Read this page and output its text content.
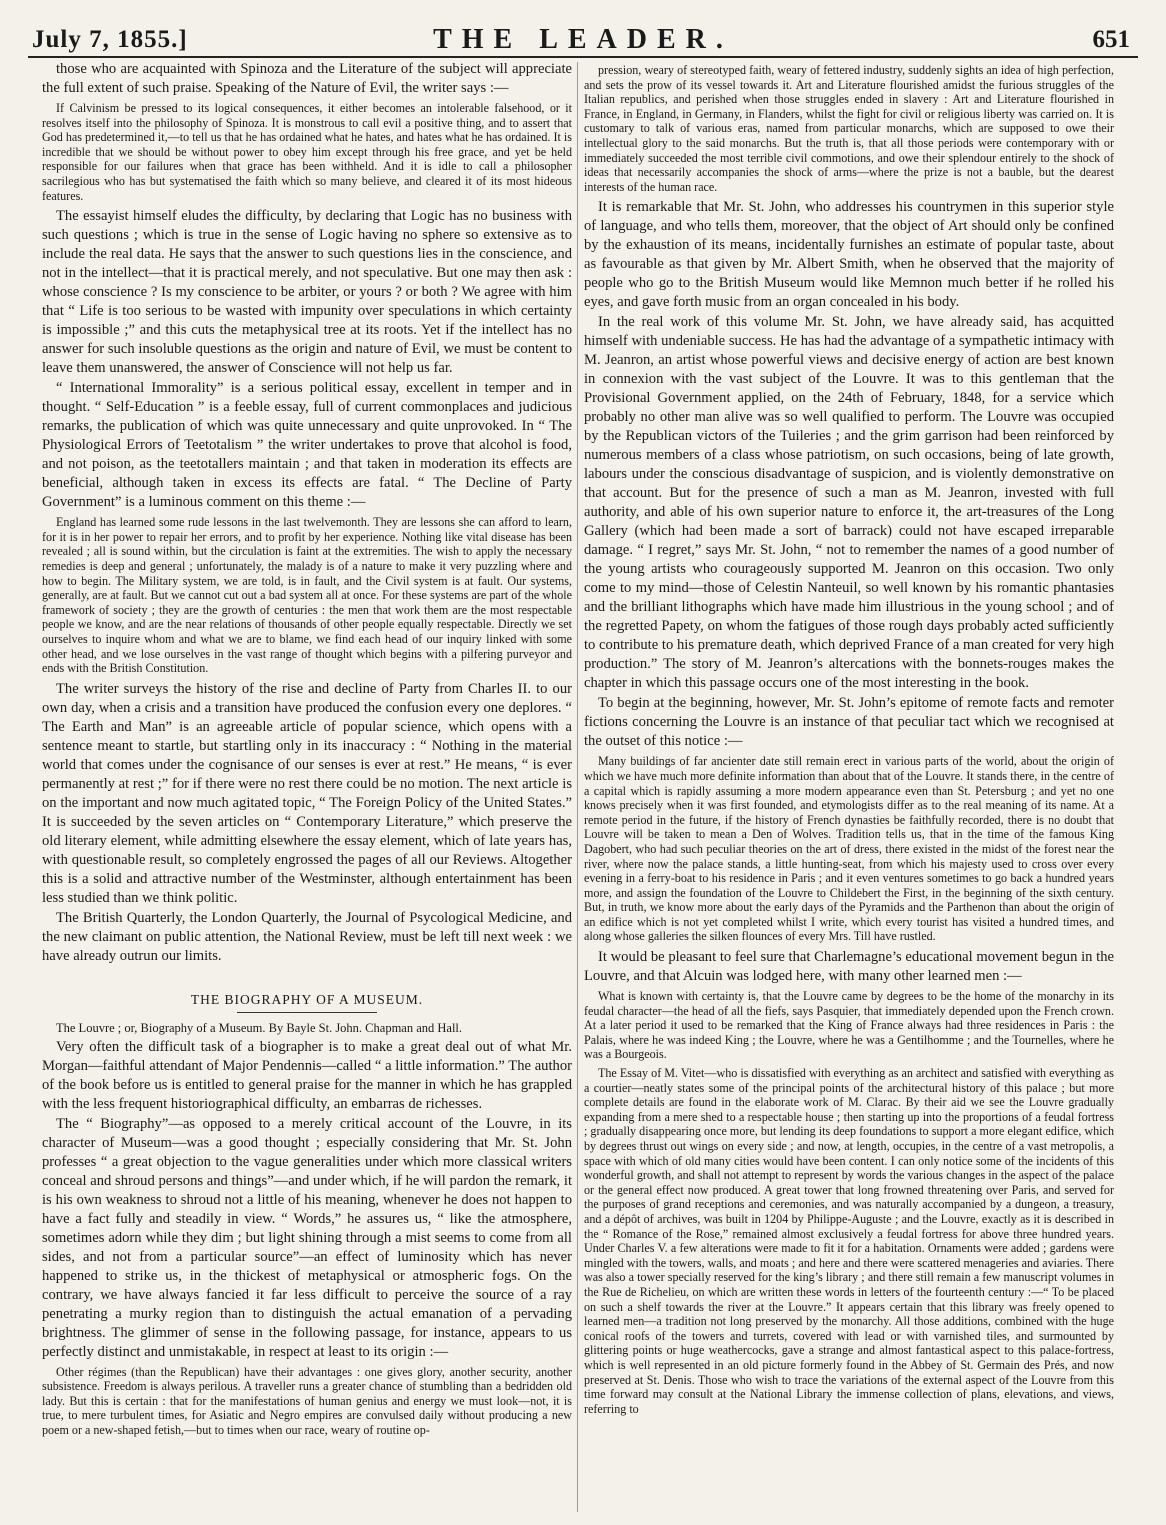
July 7, 1855.]	THE LEADER.	651

those who are acquainted with Spinoza and the Literature of the subject will appreciate the full extent of such praise. Speaking of the Nature of Evil, the writer says :—

If Calvinism be pressed to its logical consequences, it either becomes an intolerable falsehood, or it resolves itself into the philosophy of Spinoza. It is monstrous to call evil a positive thing, and to assert that God has predetermined it,—to tell us that he has ordained what he hates, and hates what he has ordained. It is incredible that we should be without power to obey him except through his free grace, and yet be held responsible for our failures when that grace has been withheld. And it is idle to call a philosopher sacrilegious who has but systematised the faith which so many believe, and cleared it of its most hideous features.

The essayist himself eludes the difficulty, by declaring that Logic has no business with such questions ; which is true in the sense of Logic having no sphere so extensive as to include the real data. He says that the answer to such questions lies in the conscience, and not in the intellect—that it is practical merely, and not speculative. But one may then ask : whose conscience ? Is my conscience to be arbiter, or yours ? or both ? We agree with him that “ Life is too serious to be wasted with impunity over speculations in which certainty is impossible ;” and this cuts the metaphysical tree at its roots. Yet if the intellect has no answer for such insoluble questions as the origin and nature of Evil, we must be content to leave them unanswered, the answer of Conscience will not help us far.

“ International Immorality” is a serious political essay, excellent in temper and in thought. “ Self-Education ” is a feeble essay, full of current commonplaces and judicious remarks, the publication of which was quite unnecessary and quite unprovoked. In “ The Physiological Errors of Teetotalism ” the writer undertakes to prove that alcohol is food, and not poison, as the teetotallers maintain ; and that taken in moderation its effects are beneficial, although taken in excess its effects are fatal. “ The Decline of Party Government” is a luminous comment on this theme :—

England has learned some rude lessons in the last twelvemonth. They are lessons she can afford to learn, for it is in her power to repair her errors, and to profit by her experience. Nothing like vital disease has been revealed ; all is sound within, but the circulation is faint at the extremities. The wish to apply the necessary remedies is deep and general ; unfortunately, the malady is of a nature to make it very puzzling where and how to begin. The Military system, we are told, is in fault, and the Civil system is at fault. Our systems, generally, are at fault. But we cannot cut out a bad system all at once. For these systems are part of the whole framework of society ; they are the growth of centuries : the men that work them are the most respectable people we know, and are the near relations of thousands of other people equally respectable. Directly we set ourselves to inquire whom and what we are to blame, we find each head of our inquiry linked with some other head, and we lose ourselves in the vast range of thought which begins with a pilfering purveyor and ends with the British Constitution.

The writer surveys the history of the rise and decline of Party from Charles II. to our own day, when a crisis and a transition have produced the confusion every one deplores. “ The Earth and Man” is an agreeable article of popular science, which opens with a sentence meant to startle, but startling only in its inaccuracy : “ Nothing in the material world that comes under the cognisance of our senses is ever at rest.” He means, “ is ever permanently at rest ;” for if there were no rest there could be no motion. The next article is on the important and now much agitated topic, “ The Foreign Policy of the United States.” It is succeeded by the seven articles on “ Contemporary Literature,” which preserve the old literary element, while admitting elsewhere the essay element, which of late years has, with questionable result, so completely engrossed the pages of all our Reviews. Altogether this is a solid and attractive number of the Westminster, although entertainment has been less studied than we think politic.

The British Quarterly, the London Quarterly, the Journal of Psycological Medicine, and the new claimant on public attention, the National Review, must be left till next week : we have already outrun our limits.

THE BIOGRAPHY OF A MUSEUM.

The Louvre ; or, Biography of a Museum. By Bayle St. John. Chapman and Hall.

Very often the difficult task of a biographer is to make a great deal out of what Mr. Morgan—faithful attendant of Major Pendennis—called “ a little information.” The author of the book before us is entitled to general praise for the manner in which he has grappled with the less frequent historiographical difficulty, an embarras de richesses.

The “ Biography”—as opposed to a merely critical account of the Louvre, in its character of Museum—was a good thought ; especially considering that Mr. St. John professes “ a great objection to the vague generalities under which more classical writers conceal and shroud persons and things”—and under which, if he will pardon the remark, it is his own weakness to shroud not a little of his meaning, whenever he does not happen to have a fact fully and steadily in view. “ Words,” he assures us, “ like the atmosphere, sometimes adorn while they dim ; but light shining through a mist seems to come from all sides, and not from a particular source”—an effect of luminosity which has never happened to strike us, in the thickest of metaphysical or atmospheric fogs. On the contrary, we have always fancied it far less difficult to perceive the source of a ray penetrating a murky region than to distinguish the actual emanation of a pervading brightness. The glimmer of sense in the following passage, for instance, appears to us perfectly distinct and unmistakable, in respect at least to its origin :—

Other régimes (than the Republican) have their advantages : one gives glory, another security, another subsistence. Freedom is always perilous. A traveller runs a greater chance of stumbling than a bedridden old lady. But this is certain : that for the manifestations of human genius and energy we must look—not, it is true, to mere turbulent times, for Asiatic and Negro empires are convulsed daily without producing a new poem or a new-shaped fetish,—but to times when our race, weary of routine op-

pression, weary of stereotyped faith, weary of fettered industry, suddenly sights an idea of high perfection, and sets the prow of its vessel towards it. Art and Literature flourished amidst the furious struggles of the Italian republics, and perished when those struggles ended in slavery : Art and Literature flourished in France, in England, in Germany, in Flanders, whilst the fight for civil or religious liberty was carried on. It is customary to talk of various eras, named from particular monarchs, which are supposed to owe their intellectual glory to the said monarchs. But the truth is, that all those periods were contemporary with or immediately succeeded the most terrible civil commotions, and owe their splendour entirely to the shock of ideas that necessarily accompanies the shock of arms—where the prize is not a bauble, but the dearest interests of the human race.

It is remarkable that Mr. St. John, who addresses his countrymen in this superior style of language, and who tells them, moreover, that the object of Art should only be confined by the exhaustion of its means, incidentally furnishes an estimate of popular taste, about as favourable as that given by Mr. Albert Smith, when he observed that the majority of people who go to the British Museum would like Memnon much better if he rolled his eyes, and gave forth music from an organ concealed in his body.

In the real work of this volume Mr. St. John, we have already said, has acquitted himself with undeniable success. He has had the advantage of a sympathetic intimacy with M. Jeanron, an artist whose powerful views and decisive energy of action are best known in connexion with the vast subject of the Louvre. It was to this gentleman that the Provisional Government applied, on the 24th of February, 1848, for a service which probably no other man alive was so well qualified to perform. The Louvre was occupied by the Republican victors of the Tuileries ; and the grim garrison had been reinforced by numerous members of a class whose patriotism, on such occasions, being of late growth, labours under the conscious disadvantage of suspicion, and is violently demonstrative on that account. But for the presence of such a man as M. Jeanron, invested with full authority, and able of his own superior nature to enforce it, the art-treasures of the Long Gallery (which had been made a sort of barrack) could not have escaped irreparable damage. “ I regret,” says Mr. St. John, “ not to remember the names of a good number of the young artists who courageously supported M. Jeanron on this occasion. Two only come to my mind—those of Celestin Nanteuil, so well known by his romantic phantasies and the brilliant lithographs which have made him illustrious in the young school ; and of the regretted Papety, on whom the fatigues of those rough days probably acted sufficiently to contribute to his premature death, which deprived France of a man created for very high production.” The story of M. Jeanron’s altercations with the bonnets-rouges makes the chapter in which this passage occurs one of the most interesting in the book.

To begin at the beginning, however, Mr. St. John’s epitome of remote facts and remoter fictions concerning the Louvre is an instance of that peculiar tact which we recognised at the outset of this notice :—

Many buildings of far ancienter date still remain erect in various parts of the world, about the origin of which we have much more definite information than about that of the Louvre. It stands there, in the centre of a capital which is rapidly assuming a more modern appearance even than St. Petersburg ; and yet no one knows precisely when it was first founded, and etymologists differ as to the real meaning of its name. At a remote period in the future, if the history of French dynasties be faithfully recorded, there is no doubt that Louvre will be taken to mean a Den of Wolves. Tradition tells us, that in the time of the famous King Dagobert, who had such peculiar theories on the art of dress, there existed in the midst of the forest near the river, where now the palace stands, a little hunting-seat, from which his majesty used to cross over every evening in a ferry-boat to his residence in Paris ; and it even ventures sometimes to go back a hundred years more, and assign the foundation of the Louvre to Childebert the First, in the beginning of the sixth century. But, in truth, we know more about the early days of the Pyramids and the Parthenon than about the origin of an edifice which is not yet completed whilst I write, which every tourist has visited a hundred times, and along whose galleries the silken flounces of every Mrs. Till have rustled.

It would be pleasant to feel sure that Charlemagne’s educational movement begun in the Louvre, and that Alcuin was lodged here, with many other learned men :—

What is known with certainty is, that the Louvre came by degrees to be the home of the monarchy in its feudal character—the head of all the fiefs, says Pasquier, that immediately depended upon the French crown. At a later period it used to be remarked that the King of France always had three residences in Paris : the Palais, where he was indeed King ; the Louvre, where he was a Gentilhomme ; and the Tournelles, where he was a Bourgeois.

The Essay of M. Vitet—who is dissatisfied with everything as an architect and satisfied with everything as a courtier—neatly states some of the principal points of the architectural history of this palace ; but more complete details are found in the elaborate work of M. Clarac. By their aid we see the Louvre gradually expanding from a mere shed to a respectable house ; then starting up into the proportions of a feudal fortress ; gradually disappearing once more, but lending its deep foundations to support a more elegant edifice, which by degrees thrust out wings on every side ; and now, at length, occupies, in the centre of a vast metropolis, a space with which of old many cities would have been content. I can only notice some of the incidents of this wonderful growth, and shall not attempt to represent by words the various changes in the aspect of the palace or the general effect now produced. A great tower that long frowned threatening over Paris, and served for the purposes of grand receptions and ceremonies, and was naturally accompanied by a dungeon, a treasury, and a dépôt of archives, was built in 1204 by Philippe-Auguste ; and the Louvre, exactly as it is described in the “ Romance of the Rose,” remained almost exclusively a feudal fortress for above three hundred years. Under Charles V. a few alterations were made to fit it for a habitation. Ornaments were added ; gardens were mingled with the towers, walls, and moats ; and here and there were scattered menageries and aviaries. There was also a tower specially reserved for the king’s library ; and there still remain a few manuscript volumes in the Rue de Richelieu, on which are written these words in letters of the fourteenth century :—“ To be placed on such a shelf towards the river at the Louvre.” It appears certain that this library was freely opened to learned men—a tradition not long preserved by the monarchy. All those additions, combined with the huge conical roofs of the towers and turrets, covered with lead or with varnished tiles, and surmounted by glittering points or huge weathercocks, gave a strange and almost fantastical aspect to this palace-fortress, which is well represented in an old picture formerly found in the Abbey of St. Germain des Prés, and now preserved at St. Denis. Those who wish to trace the variations of the external aspect of the Louvre from this time forward may consult at the National Library the immense collection of plans, elevations, and views, referring to
